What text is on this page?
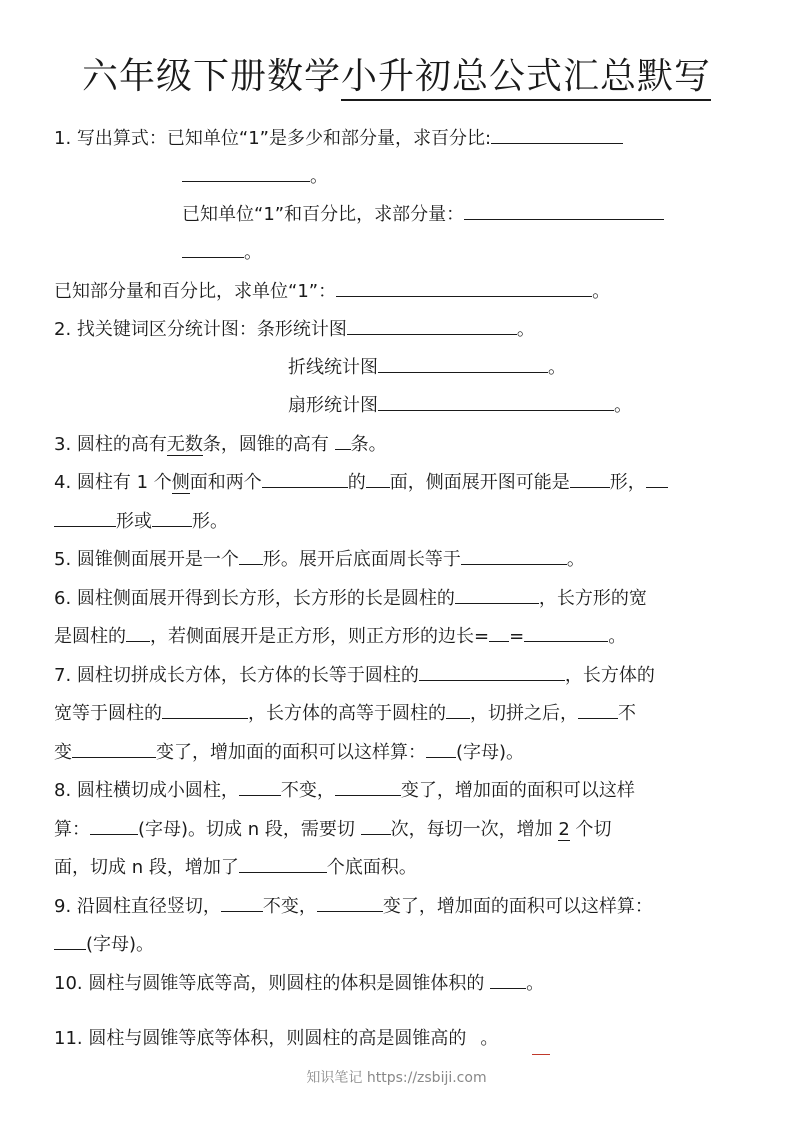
六年级下册数学小升初总公式汇总默写
1. 写出算式：已知单位“1”是多少和部分量，求百分比:
。
已知单位“1”和百分比，求部分量：
。
已知部分量和百分比，求单位“1”：	。
2. 找关键词区分统计图：条形统计图	。
折线统计图	。
扇形统计图	。
3. 圆柱的高有无数条，圆锥的高有 条。
4. 圆柱有 1 个侧面和两个	的 面，侧面展开图可能是 形，
形或 形。
5. 圆锥侧面展开是一个 形。展开后底面周长等于	。
6. 圆柱侧面展开得到长方形，长方形的长是圆柱的	，长方形的宽
是圆柱的 ，若侧面展开是正方形，则正方形的边长= =	。
7. 圆柱切拼成长方体，长方体的长等于圆柱的	，长方体的
宽等于圆柱的	，长方体的高等于圆柱的 ，切拼之后， 不
变	变了，增加面的面积可以这样算： (字母)。
8. 圆柱横切成小圆柱， 不变，	变了，增加面的面积可以这样
算：	(字母)。切成 n 段，需要切 次，每切一次，增加 2 个切
面，切成 n 段，增加了	个底面积。
9. 沿圆柱直径竖切， 不变，	变了，增加面的面积可以这样算：
(字母)。
10. 圆柱与圆锥等底等高，则圆柱的体积是圆锥体积的 。
11. 圆柱与圆锥等底等体积，则圆柱的高是圆锥高的 。
知识笔记 https://zsbiji.com
